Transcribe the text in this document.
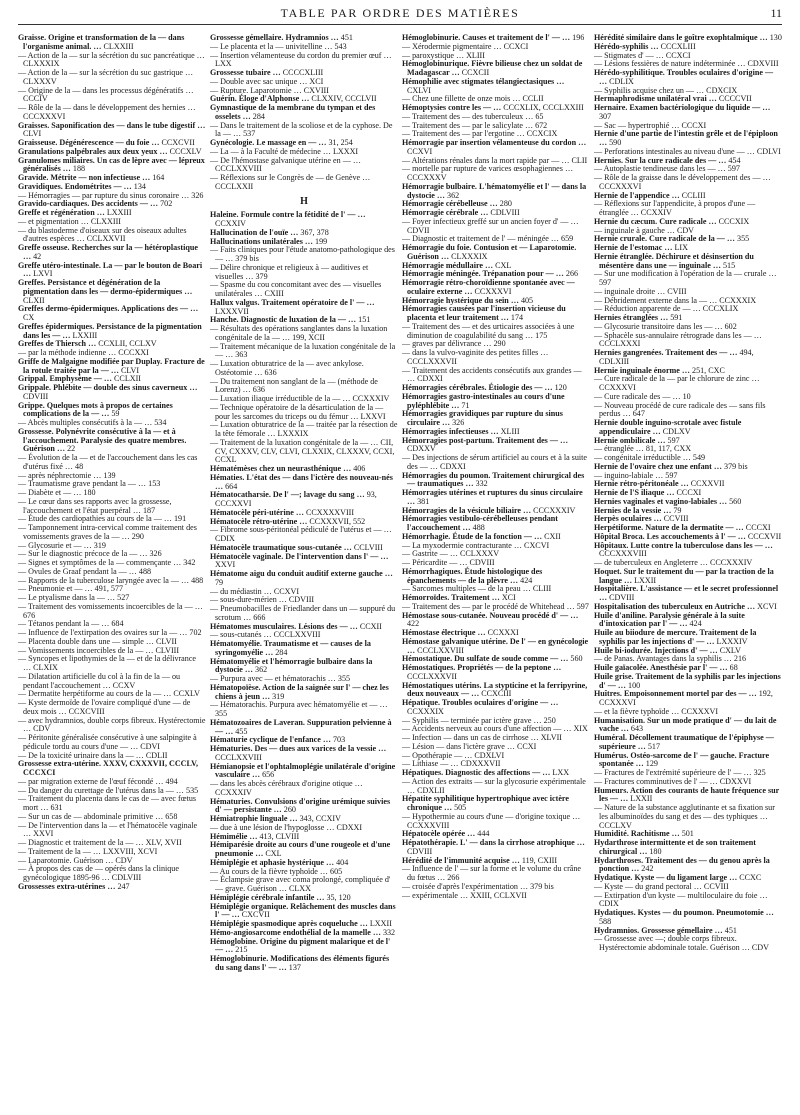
TABLE PAR ORDRE DES MATIÈRES	11
Graisse. Origine et transformation de la — dans l'organisme animal. … CLXXIII
— Action de la — sur la sécrétion du suc pancréatique … CLXXXIX
— Action de la — sur la sécrétion du suc gastrique … CLXXXV
— Origine de la — dans les processus dégénératifs … CCCIV
— Rôle de la — dans le développement des hernies … CCCXXXVI
Graisses. Saponification des — dans le tube digestif … CLVI
Graisseuse. Dégénérescence — du foie … CCXCVII
Granulations palpébrales aux deux yeux … CCCXLV
Granulomes miliaires. Un cas de lèpre avec — lépreux généralisés … 188
Gravide. Métrite — non infectieuse … 164
Gravidiques. Endométrites — … 134
— Hémorragies — par rupture du sinus coronaire … 326
Gravido-cardiaques. Des accidents — … 702
Greffe et régénération … LXXIII
— et pigmentation … CLXXIII
— du blastoderme d'oiseaux sur des oiseaux adultes d'autres espèces … CCLXXVII
Greffe osseuse. Recherches sur la — hétéroplastique … 42
Greffe utéro-intestinale. La — par le bouton de Boari … LXVI
Greffes. Persistance et dégénération de la pigmentation dans les — dermo-épidermiques … CLXII
Greffes dermo-épidermiques. Applications des — … CX
Greffes épidermiques. Persistance de la pigmentation dans les — … LXXIII
Greffes de Thiersch … CCXLII, CCLXV
— par la méthode indienne … CCCXXI
Griffe de Malgaigne modifiée par Duplay. Fracture de la rotule traitée par la — … CLVI
Grippal. Emphysème — … CCLXII
Grippale. Phlébite — double des sinus caverneux … CDVIII
Grippe. Quelques mots à propos de certaines complications de la — … 59
— Abcès multiples consécutifs à la — … 534
Grossesse. Polynévrite consécutive à la — et à l'accouchement. Paralysie des quatre membres. Guérison … 22
— Évolution de la — et de l'accouchement dans les cas d'utérus fixé … 48
— après néphrectomie … 139
— Traumatisme grave pendant la — … 153
— Diabète et — … 180
— Le cœur dans ses rapports avec la grossesse, l'accouchement et l'état puerpéral … 187
— Étude des cardiopathies au cours de la — … 191
— Tamponnement intra-cervical comme traitement des vomissements graves de la — … 290
— Glycosurie et — … 319
— Sur le diagnostic précoce de la — … 326
— Signes et symptômes de la — commençante … 342
— Ovules de Graaf pendant la — … 488
— Rapports de la tuberculose laryngée avec la — … 488
— Pneumonie et — … 491, 577
— Le ptyalisme dans la — … 527
— Traitement des vomissements incoercibles de la — … 676
— Tétanos pendant la — … 684
— Influence de l'extirpation des ovaires sur la — … 702
— Placenta double dans une — simple … CLVII
— Vomissements incoercibles de la — … CLVIII
— Syncopes et lipothymies de la — et de la délivrance … CLXIX
— Dilatation artificielle du col à la fin de la — ou pendant l'accouchement … CCXV
— Dermatite herpétiforme au cours de la — … CCXLV
— Kyste dermoïde de l'ovaire compliqué d'une — de deux mois … CCXCVIII
— avec hydramnios, double corps fibreux. Hystérectomie … CDV
— Péritonite généralisée consécutive à une salpingite à pédicule tordu au cours d'une — … CDVI
— De la toxicité urinaire dans la — … CDLII
Grossesse extra-utérine. XXXV, CXXXVII, CCCLV, CCCXCI
— par migration externe de l'œuf fécondé … 494
— Du danger du curettage de l'utérus dans la — … 535
— Traitement du placenta dans le cas de — avec fœtus mort … 631
— Sur un cas de — abdominale primitive … 658
— De l'intervention dans la — et l'hématocèle vaginale … XXVI
— Diagnostic et traitement de la — … XLV, XVII
— Traitement de la — … LXXVIII, XCVI
— Laparotomie. Guérison … CDV
— À propos des cas de — opérés dans la clinique gynécologique 1895-96 … CDLVIII
Grossesses extra-utérines … 247
Grossesse gémellaire. Hydramnios … 451
— Le placenta et la — univitelline … 543
— Insertion vélamenteuse du cordon du premier œuf … LXX
Grossesse tubaire … CCCCXLIII
— Double avec sac unique … XCI
— Rupture. Laparotomie … CXVIII
Guérin. Éloge d'Alphonse … CLXXIV, CCCLVII
Gymnastique de la membrane du tympan et des osselets … 284
— Dans le traitement de la scoliose et de la cyphose. De la — … 537
Gynécologie. Le massage en — … 31, 254
— La — à la Faculté de médecine … LXXXI
— De l'hémostase galvanique utérine en — … CCCLXXVIII
— Réflexions sur le Congrès de — de Genève … CCCLXXII
H
Haleine. Formule contre la fétidité de l' — … CCXXIV
Hallucination de l'ouïe … 367, 378
Hallucinations unilatérales … 199
— Faits cliniques pour l'étude anatomo-pathologique des — … 379 bis
— Délire chronique et religieux à — auditives et visuelles … 379
— Spasme du cou concomitant avec des — visuelles unilatérales … CXIII
Hallux valgus. Traitement opératoire de l' — … LXXXVII
Hanche. Diagnostic de luxation de la — … 151
— Résultats des opérations sanglantes dans la luxation congénitale de la — … 199, XCII
— Traitement mécanique de la luxation congénitale de la — … 363
— Luxation obturatrice de la — avec ankylose. Ostéotomie … 636
— Du traitement non sanglant de la — (méthode de Lorenz) … 636
— Luxation iliaque irréductible de la — … CCXXXIV
— Technique opératoire de la désarticulation de la — pour les sarcomes du triceps ou du fémur … LXXVI
— Luxation obturatrice de la — traitée par la résection de la tête fémorale … LXXXIX
— Traitement de la luxation congénitale de la — … CII, CV, CXXXV, CLV, CLVI, CLXXIX, CLXXXV, CCXI, CCXL
Hématémèses chez un neurasthénique … 406
Hématies. L'état des — dans l'ictère des nouveau-nés … 664
Hématocatharsie. De l' —; lavage du sang … 93, CCCXXVI
Hématocèle péri-utérine … CCXXXXVIII
Hématocèle rétro-utérine … CCXXXVII, 552
— Fibrome sous-péritonéal pédiculé de l'utérus et — … CDIX
Hématocèle traumatique sous-cutanée … CCLVIII
Hématocèle vaginale. De l'intervention dans l' — … XXVI
Hématome aigu du conduit auditif externe gauche … 79
— du médiastin … CCXVI
— sous-dure-mérien … CDVIII
— Pneumobacilles de Friedlander dans un — suppuré du scrotum … 666
Hématomes musculaires. Lésions des — … CCXII
— sous-cutanés … CCCLXXVIII
Hématomyélie. Traumatisme et — causes de la syringomyélie … 284
Hématomyélie et l'hémorragie bulbaire dans la dystocie … 362
— Purpura avec — et hématorachis … 355
Hématopoïèse. Action de la saignée sur l' — chez les chiens à jeun … 319
— Hématorachis. Purpura avec hématomyélie et — … 355
Hématozoaires de Laveran. Suppuration pelvienne à — … 455
Hématurie cyclique de l'enfance … 703
Hématuries. Des — dues aux varices de la vessie … CCCLXXVIII
Hémianopsie et l'ophtalmoplégie unilatérale d'origine vasculaire … 656
— dans les abcès cérébraux d'origine otique … CCXXXIV
Hématuries. Convulsions d'origine urémique suivies d' — persistante … 260
Hémiatrophie linguale … 343, CCXIV
— due à une lésion de l'hypoglosse … CDXXI
Hémimélie … 413, CLVIII
Hémiparésie droite au cours d'une rougeole et d'une pneumonie … CXL
Hémiplégie et aphasie hystérique … 404
— Au cours de la fièvre typhoïde … 605
— Éclampsie grave avec coma prolongé, compliquée d' — grave. Guérison … CLXX
Hémiplégie cérébrale infantile … 35, 120
Hémiplégie organique. Relâchement des muscles dans l' — … CXCVII
Hémiplégie spasmodique après coqueluche … LXXII
Hémo-angiosarcome endothélial de la mamelle … 332
Hémoglobine. Origine du pigment malarique et de l' — … 215
Hémoglobinurie. Modifications des éléments figurés du sang dans l' — … 137
Hémoglobinurie. Causes et traitement de l' — … 196
— Xérodermie pigmentaire … CCXCI
— paroxystique … XLIII
Hémoglobinurique. Fièvre bilieuse chez un soldat de Madagascar … CCXCII
Hémophilie avec stigmates télangiectasiques … CXLVI
— Chez une fillette de onze mois … CCLII
Hémoptysies contre les — … CCCXLIX, CCCLXXIII
— Traitement des — des tuberculeux … 65
— Traitement des — par le salicylate … 672
— Traitement des — par l'ergotine … CCXCIX
Hémorragie par insertion vélamenteuse du cordon … CCXVI
— Altérations rénales dans la mort rapide par — … CLII
— mortelle par rupture de varices œsophagiennes … CCCXXXV
Hémorragie bulbaire. L'hématomyélie et l' — dans la dystocie … 362
Hémorragie cérébelleuse … 280
Hémorragie cérébrale … CDLVIII
— Foyer infectieux greffé sur un ancien foyer d' — … CDVII
— Diagnostic et traitement de l' — méningée … 659
Hémorragie du foie. Contusion et — Laparotomie. Guérison … CLXXXIX
Hémorragie médullaire … CXL
Hémorragie méningée. Trépanation pour — … 266
Hémorragie rétro-choroïdienne spontanée avec — oculaire externe … CCXXXVI
Hémorragie hystérique du sein … 405
Hémorragies causées par l'insertion vicieuse du placenta et leur traitement … 174
— Traitement des — et des urticaires associées à une diminution de coagulabilité du sang … 175
— graves par délivrance … 290
— dans la vulvo-vaginite des petites filles … CCCLXXXVII
— Traitement des accidents consécutifs aux grandes — … CDXXI
Hémorragies cérébrales. Étiologie des — … 120
Hémorragies gastro-intestinales au cours d'une pyléphlébite … 71
Hémorragies gravidiques par rupture du sinus circulaire … 326
Hémorragies infectieuses … XLIII
Hémorragies post-partum. Traitement des — … CDXXV
— Des injections de sérum artificiel au cours et à la suite des — … CDXXI
Hémorragies du poumon. Traitement chirurgical des — traumatiques … 332
Hémorragies utérines et ruptures du sinus circulaire … 381
Hémorragies de la vésicule biliaire … CCCXXXIV
Hémorragies vestibulo-cérébelleuses pendant l'accouchement … 488
Hémorrhagie. Étude de la fonction — … CXII
— La myxodermie contracturante … CXCVI
— Gastrite — … CCLXXXV
— Péricardite — … CDVIII
Hémorrhagiques. Étude histologique des épanchements — de la plèvre … 424
— Sarcomes multiples — de la peau … CLIII
Hémorroïdes. Traitement … XCI
— Traitement des — par le procédé de Whitehead … 597
Hémostase sous-cutanée. Nouveau procédé d' — … 422
Hémostase électrique … CCXXXI
Hémostase galvanique utérine. De l' — en gynécologie … CCCLXXVIII
Hémostatique. Du sulfate de soude comme — … 560
Hémostatiques. Propriétés — de la peptone … CCCLXXXVII
Hémostatiques utérins. La stypticine et la ferripyrine, deux nouveaux — … CCXCIII
Hépatique. Troubles oculaires d'origine — … CCXXXIX
— Syphilis — terminée par ictère grave … 250
— Accidents nerveux au cours d'une affection — … XIX
— Infection — dans un cas de cirrhose … XLVII
— Lésion — dans l'ictère grave … CCXI
— Opothérapie — … CDXLVI
— Lithiase — … CDXXXVII
Hépatiques. Diagnostic des affections — … LXX
— Action des extraits — sur la glycosurie expérimentale … CDXLII
Hépatite syphilitique hypertrophique avec ictère chronique … 505
— Hypothermie au cours d'une — d'origine toxique … CCXXXVIII
Hépatocèle opérée … 444
Hépatothérapie. L' — dans la cirrhose atrophique … CDVIII
Hérédité de l'immunité acquise … 119, CXIII
— Influence de l' — sur la forme et le volume du crâne du fœtus … 266
— croisée d'après l'expérimentation … 379 bis
— expérimentale … XXIII, CCLXVII
Hérédité similaire dans le goître exophtalmique … 130
Hérédo-syphilis … CCCXLIII
— Stigmates d' — … CCXCI
— Lésions fessières de nature indéterminée … CDXVIII
Hérédo-syphilitique. Troubles oculaires d'origine — … CDLIX
— Syphilis acquise chez un — … CDXCIX
Hermaphrodisme unilatéral vrai … CCCCVII
Hernaire. Examen bactériologique du liquide — … 307
— Sac — hypertrophié … CCCXI
Hernie d'une partie de l'intestin grêle et de l'épiploon … 590
— Perforations intestinales au niveau d'une — … CDLVI
Hernies. Sur la cure radicale des — … 454
— Autoplastie tendineuse dans les — … 597
— Rôle de la graisse dans le développement des — … CCCXXXVI
Hernie de l'appendice … CCLIII
— Réflexions sur l'appendicite, à propos d'une — étranglée … CCXXIV
Hernie du cæcum. Cure radicale … CCCXIX
— inguinale à gauche … CDV
Hernie crurale. Cure radicale de la — … 355
Hernie de l'estomac … LIX
Hernie étranglée. Déchirure et désinsertion du mésentère dans une — inguinale … 515
— Sur une modification à l'opération de la — crurale … 597
— inguinale droite … CVIII
— Débridement externe dans la — … CCXXXIX
— Réduction apparente de — … CCCXLIX
Hernies étranglées … 591
— Glycosurie transitoire dans les — … 602
— Sphacèle sus-annulaire rétrograde dans les — … CCCLXXXI
Hernies gangrenées. Traitement des — … 494, CDLXIII
Hernie inguinale énorme … 251, CXC
— Cure radicale de la — par le chlorure de zinc … CCXXXVI
— Cure radicale des — … 10
— Nouveau procédé de cure radicale des — sans fils perdus … 647
Hernie double inguino-scrotale avec fistule appendiculaire … CDLXV
Hernie ombilicale … 597
— étranglée … 81, 117, CXX
— congénitale irréductible … 549
Hernie de l'ovaire chez une enfant … 379 bis
— inguino-labiale … 597
Hernie rétro-péritonéale … CCXXVII
Hernie de l'S iliaque … CCCXI
Hernies vaginales et vagino-labiales … 560
Hernies de la vessie … 79
Herpès oculaires … CCVIII
Herpétiforme. Nature de la dermatite — … CCCXI
Hôpital Broca. Les accouchements à l' — … CCCXVII
Hôpitaux. Lutte contre la tuberculose dans les — … CCCXXXVIII
— de tuberculeux en Angleterre … CCCXXXIV
Hoquet. Sur le traitement du — par la traction de la langue … LXXII
Hospitalière. L'assistance — et le secret professionnel … CDVIII
Hospitalisation des tuberculeux en Autriche … XCVI
Huile d'aniline. Paralysie générale à la suite d'intoxication par l' — … 424
Huile au biiodure de mercure. Traitement de la syphilis par les injections d' — … LXXXIV
Huile bi-iodurée. Injections d' — … CXLV
— de Panas. Avantages dans la syphilis … 216
Huile gaïacolée. Anesthésie par l' — … 68
Huile grise. Traitement de la syphilis par les injections d' — … 100
Huîtres. Empoisonnement mortel par des — … 192, CCXXXVI
— et la fièvre typhoïde … CCXXXVI
Humanisation. Sur un mode pratique d' — du lait de vache … 643
Huméral. Décollement traumatique de l'épiphyse — supérieure … 517
Humérus. Ostéo-sarcome de l' — gauche. Fracture spontanée … 129
— Fractures de l'extrémité supérieure de l' — … 325
— Fractures comminutives de l' — … CDXXVI
Humeurs. Action des courants de haute fréquence sur les — … LXXII
— Nature de la substance agglutinante et sa fixation sur les albuminoïdes du sang et des — des typhiques … CCCLXV
Humidité. Rachitisme … 501
Hydarthrose intermittente et de son traitement chirurgical … 180
Hydarthroses. Traitement des — du genou après la ponction … 242
Hydatique. Kyste — du ligament large … CCXC
— Kyste — du grand pectoral … CCVIII
— Extirpation d'un kyste — multiloculaire du foie … CDIX
Hydatiques. Kystes — du poumon. Pneumotomie … 588
Hydramnios. Grossesse gémellaire … 451
— Grossesse avec —; double corps fibreux. Hystérectomie abdominale totale. Guérison … CDV
